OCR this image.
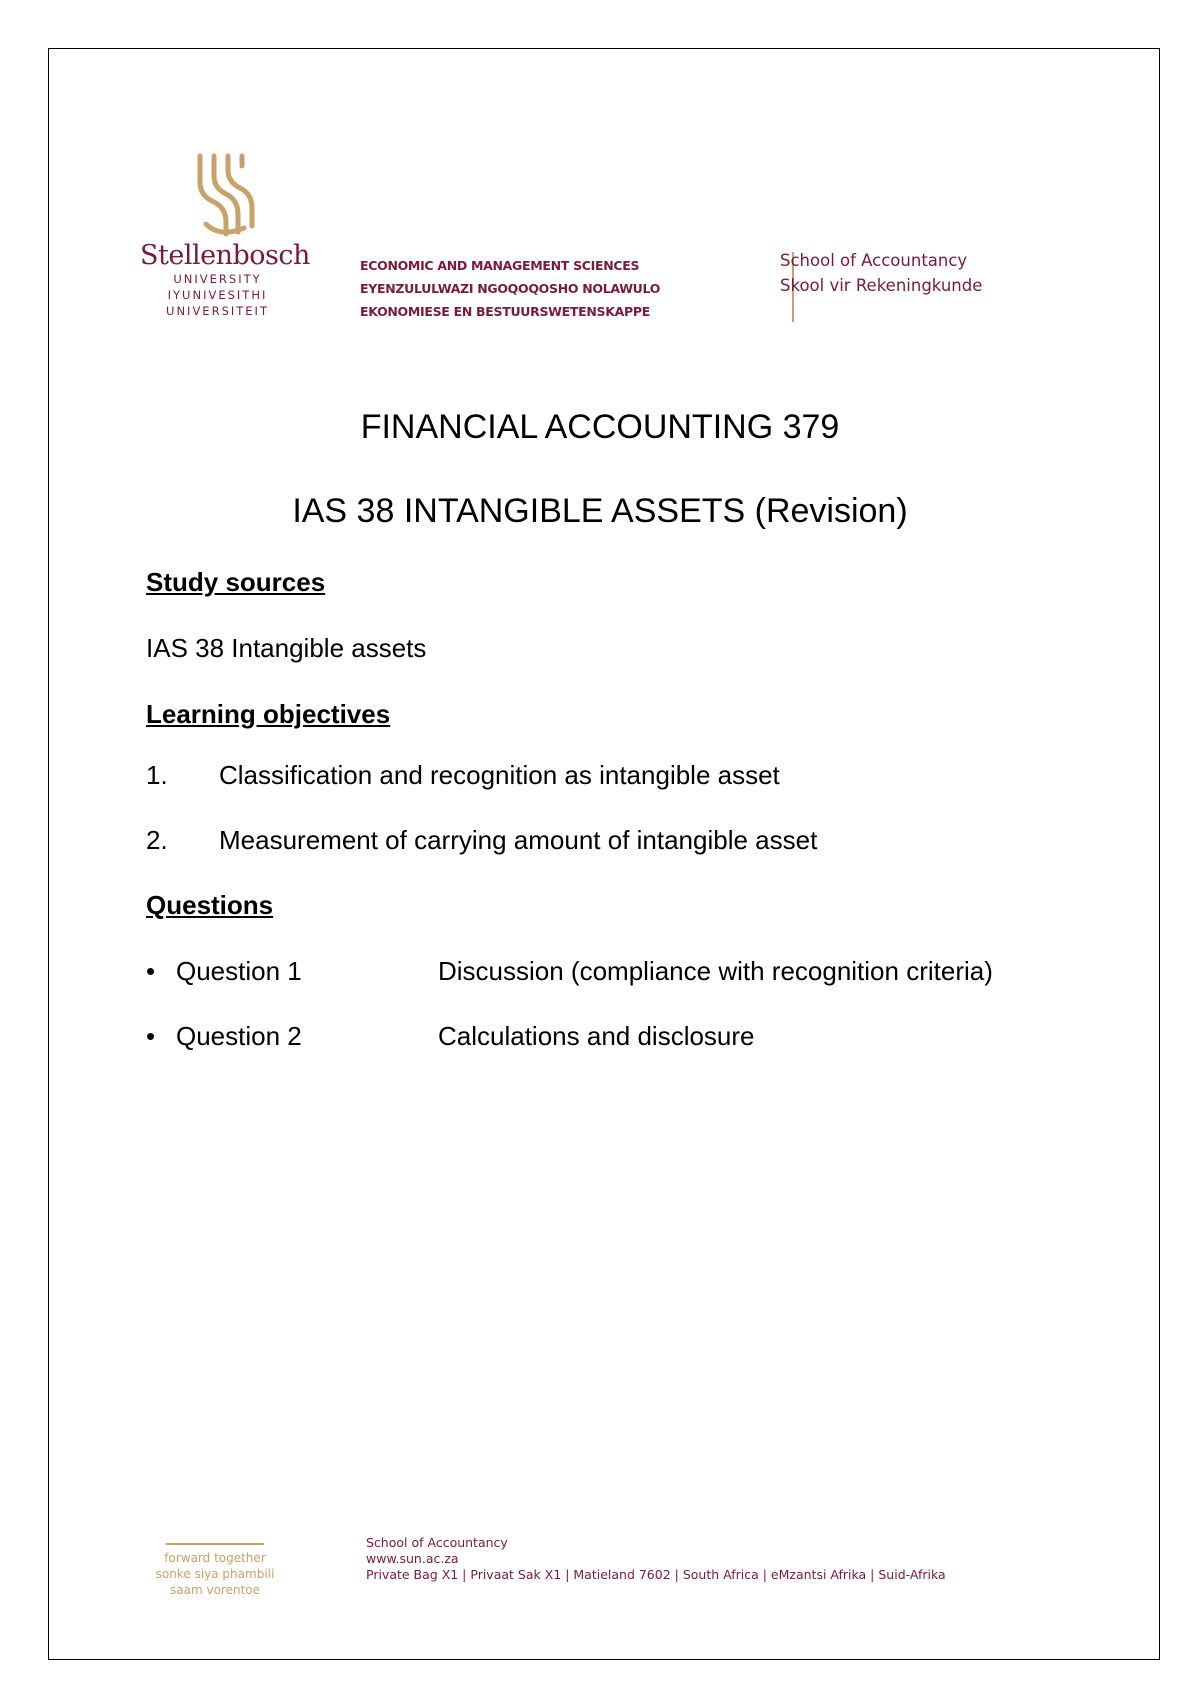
Stellenbosch
UNIVERSITY
IYUNIVESITHI
UNIVERSITEIT
ECONOMIC AND MANAGEMENT SCIENCES
EYENZULULWAZI NGOQOQOSHO NOLAWULO
EKONOMIESE EN BESTUURSWETENSKAPPE
School of Accountancy
Skool vir Rekeningkunde
FINANCIAL ACCOUNTING 379
IAS 38 INTANGIBLE ASSETS (Revision)
Study sources
IAS 38 Intangible assets
Learning objectives
1. Classification and recognition as intangible asset
2. Measurement of carrying amount of intangible asset
Questions
• Question 1	Discussion (compliance with recognition criteria)
• Question 2	Calculations and disclosure
forward together
sonke siya phambili
saam vorentoe
School of Accountancy
www.sun.ac.za
Private Bag X1 | Privaat Sak X1 | Matieland 7602 | South Africa | eMzantsi Afrika | Suid-Afrika
